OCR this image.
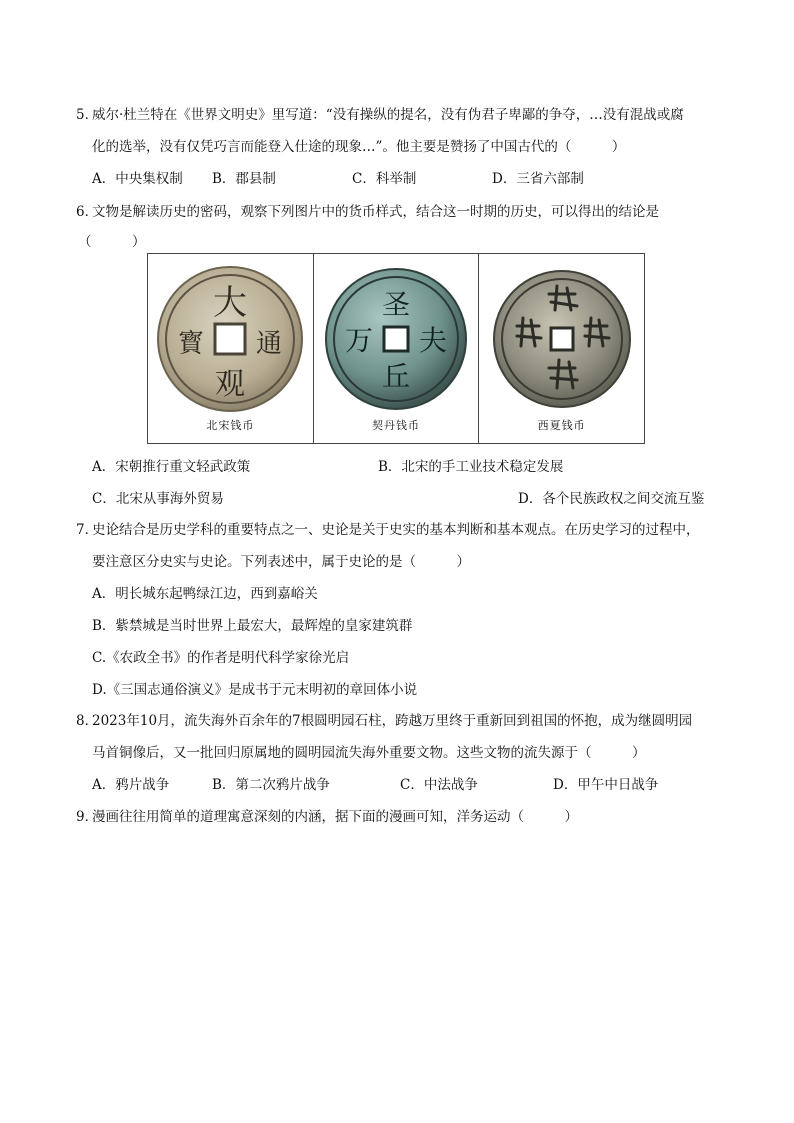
5．
威尔·杜兰特在《世界文明史》里写道：“没有操纵的提名，没有伪君子卑鄙的争夺，…没有混战或腐
化的选举，没有仅凭巧言而能登入仕途的现象…”。他主要是赞扬了中国古代的（　　　）
A．中央集权制 B．郡县制	C．科举制	D．三省六部制
6．
文物是解读历史的密码，观察下列图片中的货币样式，结合这一时期的历史，可以得出的结论是
（　　　）
大
通
观
寳
北宋钱币
圣
夫
丘
万
契丹钱币	西夏钱币
A．宋朝推行重文轻武政策	B．北宋的手工业技术稳定发展
C．北宋从事海外贸易	D．各个民族政权之间交流互鉴
7．
史论结合是历史学科的重要特点之一、史论是关于史实的基本判断和基本观点。在历史学习的过程中，
要注意区分史实与史论。下列表述中，属于史论的是（　　　）
A．明长城东起鸭绿江边，西到嘉峪关
B．紫禁城是当时世界上最宏大，最辉煌的皇家建筑群
C.《农政全书》的作者是明代科学家徐光启
D.《三国志通俗演义》是成书于元末明初的章回体小说
8．
2023年10月，流失海外百余年的7根圆明园石柱，跨越万里终于重新回到祖国的怀抱，成为继圆明园
马首铜像后，又一批回归原属地的圆明园流失海外重要文物。这些文物的流失源于（　　　）
A．鸦片战争	B．第二次鸦片战争	C．中法战争	D．甲午中日战争
9．
漫画往往用简单的道理寓意深刻的内涵，据下面的漫画可知，洋务运动（　　　）
